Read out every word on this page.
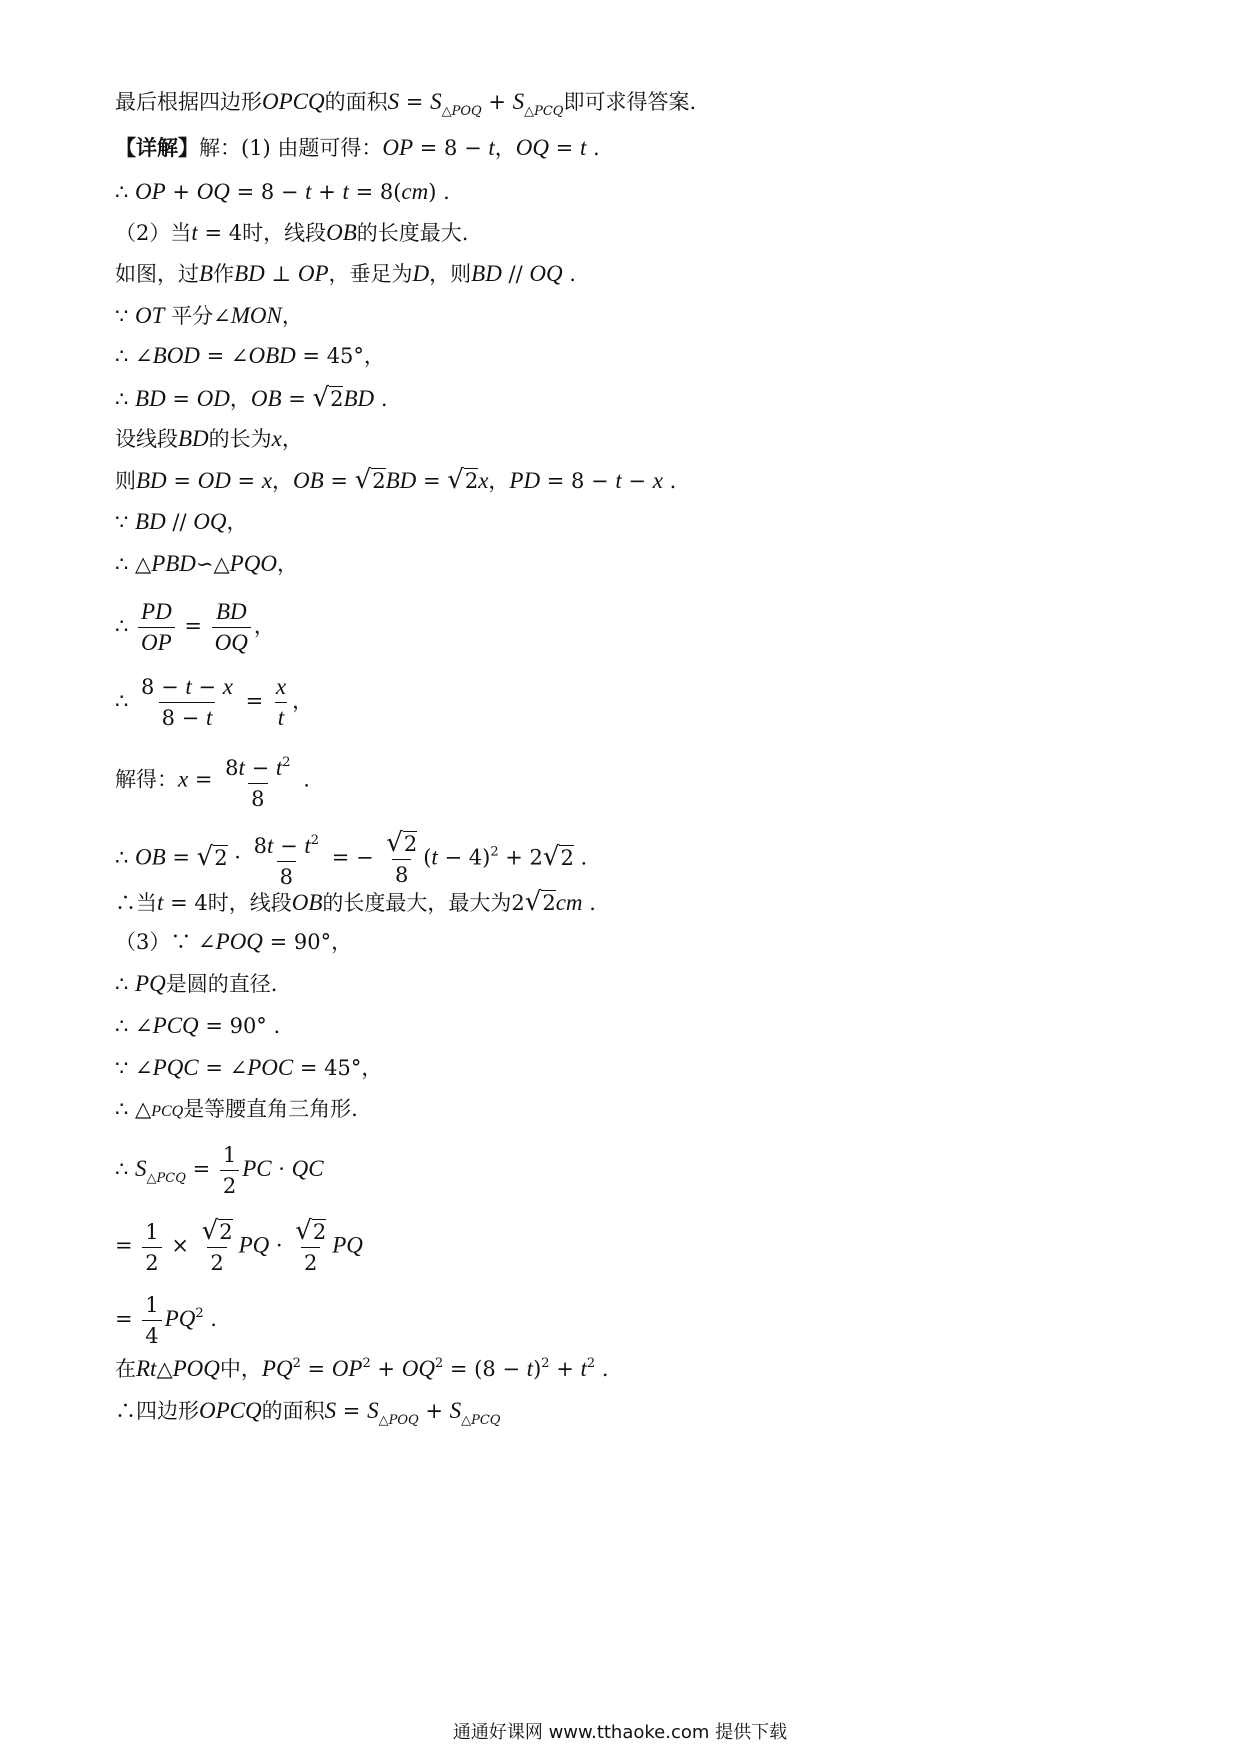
最后根据四边形OPCQ的面积$S = S_{\triangle POQ} + S_{\triangle PCQ}$即可求得答案.
【详解】解：(1) 由题可得：OP = 8 − t，OQ = t .
∴ OP + OQ = 8 − t + t = 8(cm) .
（2）当t = 4时，线段OB的长度最大.
如图，过B作BD ⊥ OP，垂足为D，则BD // OQ .
∵ OT 平分∠MON，
∴ ∠BOD = ∠OBD = 45°，
∴ BD = OD，OB = √2BD .
设线段BD的长为x，
则BD = OD = x，OB = √2BD = √2x，PD = 8 − t − x .
∵ BD // OQ，
∴ △PBD∽△PQO，
∴ $\frac{PD}{OP} = \frac{BD}{OQ}$ ，
∴ $\frac{8 - t - x}{8 - t} = \frac{x}{t}$ ，
解得：$x = \frac{8t - t^2}{8}$ .
∴ OB = $√2 \cdot \frac{8t - t^2}{8}$ = − $\frac{√2}{8} (t - 4)^2 + 2√2$ .
∴当t = 4时，线段OB的长度最大，最大为2√2cm .
（3）∵ ∠POQ = 90°，
∴ PQ是圆的直径.
∴ ∠PCQ = 90° .
∵ ∠PQC = ∠POC = 45°，
∴ △PCQ是等腰直角三角形.
∴ $S_{\triangle PCQ} = \frac{1}{2}$ PC · QC
= $\frac{1}{2} \times \frac{√2}{2}$ PQ · $\frac{√2}{2}$ PQ
= $\frac{1}{4} PQ^2$ .
在Rt△POQ中，$PQ^2 = OP^2 + OQ^2 = (8 - t)^2 + t^2$ .
∴四边形OPCQ的面积$S = S_{\triangle POQ} + S_{\triangle PCQ}$
通通好课网 www.tthaoke.com 提供下载
